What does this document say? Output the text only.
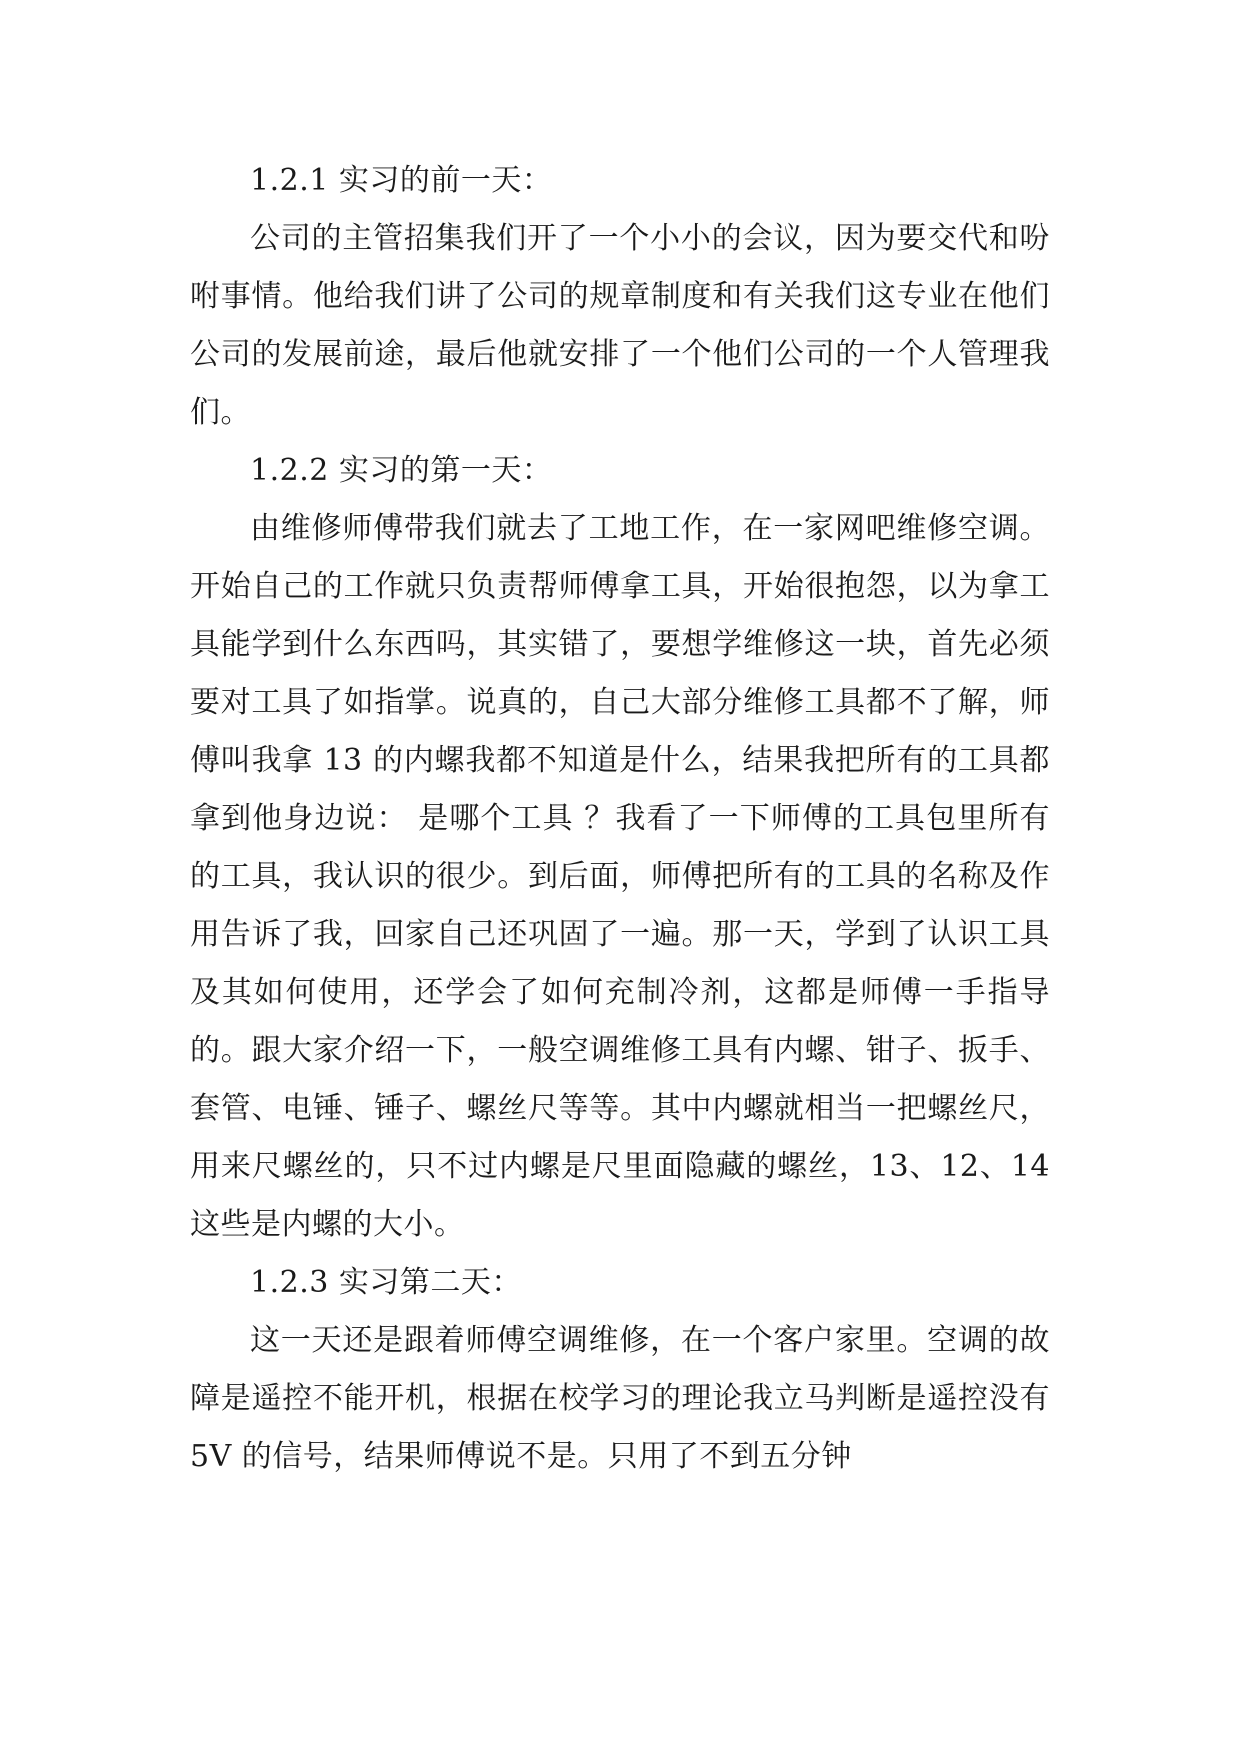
1.2.1 实习的前一天：

公司的主管招集我们开了一个小小的会议，因为要交代和吩咐事情。他给我们讲了公司的规章制度和有关我们这专业在他们公司的发展前途，最后他就安排了一个他们公司的一个人管理我们。

1.2.2 实习的第一天：

由维修师傅带我们就去了工地工作，在一家网吧维修空调。开始自己的工作就只负责帮师傅拿工具，开始很抱怨，以为拿工具能学到什么东西吗，其实错了，要想学维修这一块，首先必须要对工具了如指掌。说真的，自己大部分维修工具都不了解，师傅叫我拿 13 的内螺我都不知道是什么，结果我把所有的工具都拿到他身边说： 是哪个工具 ？我看了一下师傅的工具包里所有的工具，我认识的很少。到后面，师傅把所有的工具的名称及作用告诉了我，回家自己还巩固了一遍。那一天，学到了认识工具及其如何使用，还学会了如何充制冷剂，这都是师傅一手指导的。跟大家介绍一下，一般空调维修工具有内螺、钳子、扳手、套管、电锤、锤子、螺丝尺等等。其中内螺就相当一把螺丝尺，用来尺螺丝的，只不过内螺是尺里面隐藏的螺丝，13、12、14 这些是内螺的大小。

1.2.3 实习第二天：

这一天还是跟着师傅空调维修，在一个客户家里。空调的故障是遥控不能开机，根据在校学习的理论我立马判断是遥控没有 5V 的信号，结果师傅说不是。只用了不到五分钟
